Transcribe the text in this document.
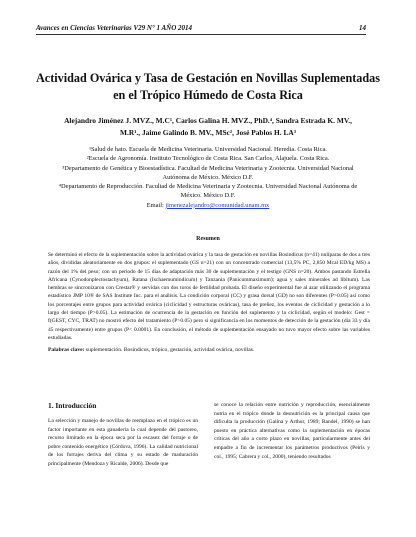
Avances en Ciencias Veterinarias V29 N° 1 AÑO 2014	14
Actividad Ovárica y Tasa de Gestación en Novillas Suplementadas en el Trópico Húmedo de Costa Rica
Alejandro Jiménez J. MVZ., M.C¹, Carlos Galina H. MVZ., PhD.⁴, Sandra Estrada K. MV.,
M.R¹., Jaime Galindo B. MV., MSc², José Pablos H. LA³
¹Salud de hato. Escuela de Medicina Veterinaria. Universidad Nacional. Heredia. Costa Rica.
²Escuela de Agronomía. Instituto Tecnológico de Costa Rica. San Carlos, Alajuela. Costa Rica.
³Departamento de Genética y Bioestadística. Facultad de Medicina Veterinaria y Zootecnia. Universidad Nacional Autónoma de México. México D.F.
⁴Departamento de Reproducción. Facultad de Medicina Veterinaria y Zootecnia. Universidad Nacional Autónoma de México. México D.F.
Email: jimenezalejandro@comunidad.unam.mx
Resumen

Se determinó el efecto de la suplementación sobre la actividad ovárica y la tasa de gestación en novillas Bosindicus (n=41) nulíparas de dos a tres años, divididas aleatoriamente en dos grupos: el suplementado (GS n=21) con un concentrado comercial (13,5% PC, 2,850 Mcal ED/kg MS) a razón del 1% del peso; con un periodo de 15 días de adaptación más 30 de suplementación y el testigo (GNS n=20). Ambos pastando Estrella Africana (Cynodonplectostachyum), Ratana (Ischaemumindicum) y Tanzania (Panicummaximum); agua y sales minerales ad libitum). Las hembras se sincronizaron con Crestar® y servidas con dos toros de fertilidad probada. El diseño experimental fue al azar utilizando el programa estadístico JMP 10® de SAS Institute Inc. para el análisis. La condición corporal (CC) y grasa dorsal (GD) no son diferentes (P>0.05) así como los porcentajes entre grupos para actividad ovárica (ciclicidad y estructuras ováricas), tasa de preñez, los eventos de ciclicidad y gestación a lo largo del tiempo (P>0.05). La estimación de ocurrencia de la gestación en función del suplemento y la ciclicidad, según el modelo: Gest = f(GEST, CYC, TRAT) no mostró efecto del tratamiento (P>0.05) pero si significancia en los momentos de detección de la gestación (día 33 y día 45 respectivamente) entre grupos (P< 0.0001). En conclusión, el método de suplementación ensayado no tuvo mayor efecto sobre las variables estudiadas.

Palabras clave: suplementación. Bosindicus, trópico, gestación, actividad ovárica, novillas.
1. Introducción

La selección y manejo de novillas de reemplazo en el trópico es un factor importante en esta ganadería la cual depende del pastoreo, recurso limitado en la época seca por la escasez del forraje o de pobre contenido energético (Córdova, 1996). La calidad nutricional de los forrajes deriva del clima y su estado de maduración principalmente (Mendoza y Ricalde, 2006). Desde que

se conoce la relación entre nutrición y reproducción, esencialmente nutria en el trópico donde la desnutrición es la principal causa que dificulta la producción (Galina y Arthur, 1989; Randel, 1990) se han puesto en práctica alternativas como la suplementación en épocas críticas del año a corto plazo en novillas, particularmente antes del empadre a fin de incrementar los parámetros productivos (Peirls y col., 1995; Cabrera y col., 2000), teniendo resultados
